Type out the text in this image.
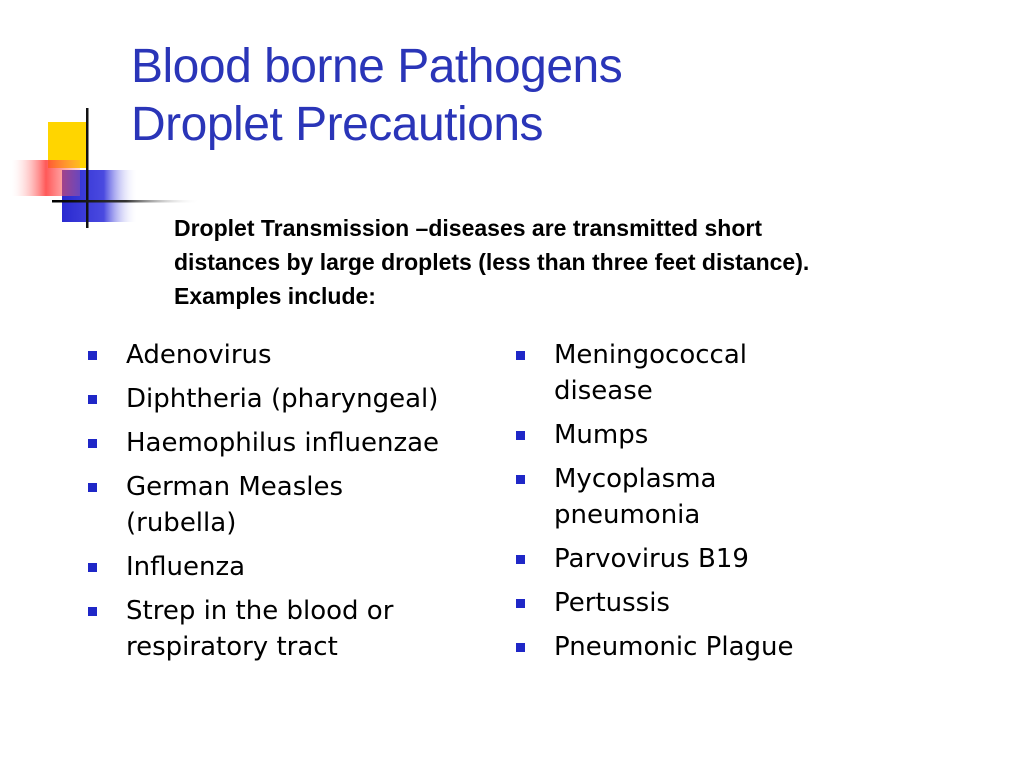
Blood borne Pathogens
Droplet Precautions

Droplet Transmission –diseases are transmitted short
distances by large droplets (less than three feet distance).
Examples include:

Adenovirus
Diphtheria (pharyngeal)
Haemophilus influenzae
German Measles (rubella)
Influenza
Strep in the blood or respiratory tract
Meningococcal disease
Mumps
Mycoplasma pneumonia
Parvovirus B19
Pertussis
Pneumonic Plague
